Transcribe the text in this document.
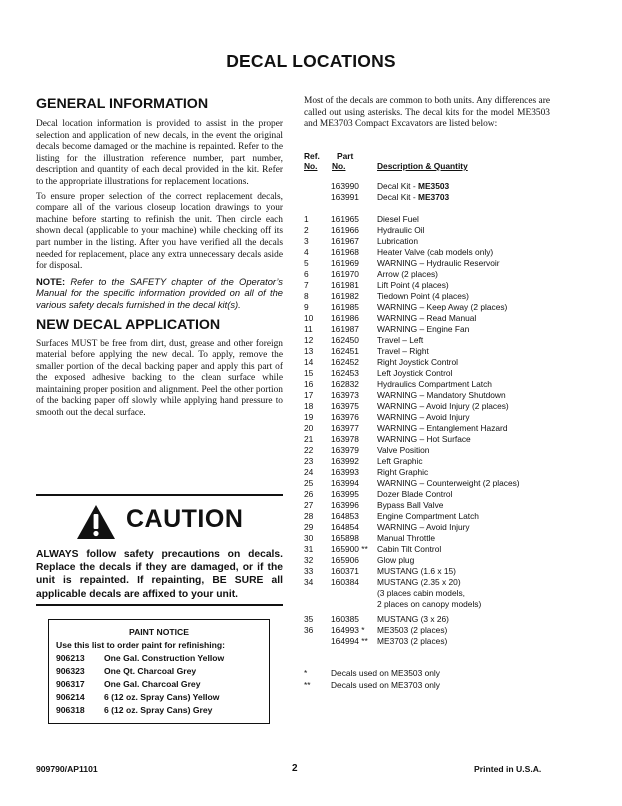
DECAL LOCATIONS
GENERAL INFORMATION

Decal location information is provided to assist in the proper selection and application of new decals, in the event the original decals become damaged or the machine is repainted. Refer to the listing for the illustration reference number, part number, description and quantity of each decal provided in the kit. Refer to the appropriate illustrations for replacement locations.

To ensure proper selection of the correct replacement decals, compare all of the various closeup location drawings to your machine before starting to refinish the unit. Then circle each shown decal (applicable to your machine) while checking off its part number in the listing. After you have verified all the decals needed for replacement, place any extra unnecessary decals aside for disposal.

NOTE: Refer to the SAFETY chapter of the Operator’s Manual for the specific information provided on all of the various safety decals furnished in the decal kit(s).

NEW DECAL APPLICATION

Surfaces MUST be free from dirt, dust, grease and other foreign material before applying the new decal. To apply, remove the smaller portion of the decal backing paper and apply this part of the exposed adhesive backing to the clean surface while maintaining proper position and alignment. Peel the other portion of the backing paper off slowly while applying hand pressure to smooth out the decal surface.

CAUTION
ALWAYS follow safety precautions on decals. Replace the decals if they are damaged, or if the unit is repainted. If repainting, BE SURE all applicable decals are affixed to your unit.
PAINT NOTICE
Use this list to order paint for refinishing:
906213 One Gal. Construction Yellow
906323 One Qt. Charcoal Grey
906317 One Gal. Charcoal Grey
906214 6 (12 oz. Spray Cans) Yellow
906318 6 (12 oz. Spray Cans) Grey

Most of the decals are common to both units. Any differences are called out using asterisks. The decal kits for the model ME3503 and ME3703 Compact Excavators are listed below:

Ref.
No.
Part
No.	Description & Quantity
163990 Decal Kit - ME3503
163991 Decal Kit - ME3703
1	161965 Diesel Fuel
2	161966 Hydraulic Oil
3	161967 Lubrication
4	161968 Heater Valve (cab models only)
5	161969 WARNING – Hydraulic Reservoir
6	161970 Arrow (2 places)
7	161981 Lift Point (4 places)
8	161982 Tiedown Point (4 places)
9	161985 WARNING – Keep Away (2 places)
10	161986 WARNING – Read Manual
11	161987 WARNING – Engine Fan
12	162450 Travel – Left
13	162451 Travel – Right
14	162452 Right Joystick Control
15	162453 Left Joystick Control
16	162832 Hydraulics Compartment Latch
17	163973 WARNING – Mandatory Shutdown
18	163975 WARNING – Avoid Injury (2 places)
19	163976 WARNING – Avoid Injury
20	163977 WARNING – Entanglement Hazard
21	163978 WARNING – Hot Surface
22	163979 Valve Position
23	163992 Left Graphic
24	163993 Right Graphic
25	163994 WARNING – Counterweight (2 places)
26	163995 Dozer Blade Control
27	163996 Bypass Ball Valve
28	164853 Engine Compartment Latch
29	164854 WARNING – Avoid Injury
30	165898 Manual Throttle
31	165900 ** Cabin Tilt Control
32	165906 Glow plug
33	160371 MUSTANG (1.6 x 15)
34	160384 MUSTANG (2.35 x 20)
(3 places cabin models,
2 places on canopy models)
35	160385 MUSTANG (3 x 26)
36	164993 * ME3503 (2 places)
164994 ** ME3703 (2 places)
*	Decals used on ME3503 only
** Decals used on ME3703 only
909790/AP1101	2	Printed in U.S.A.
